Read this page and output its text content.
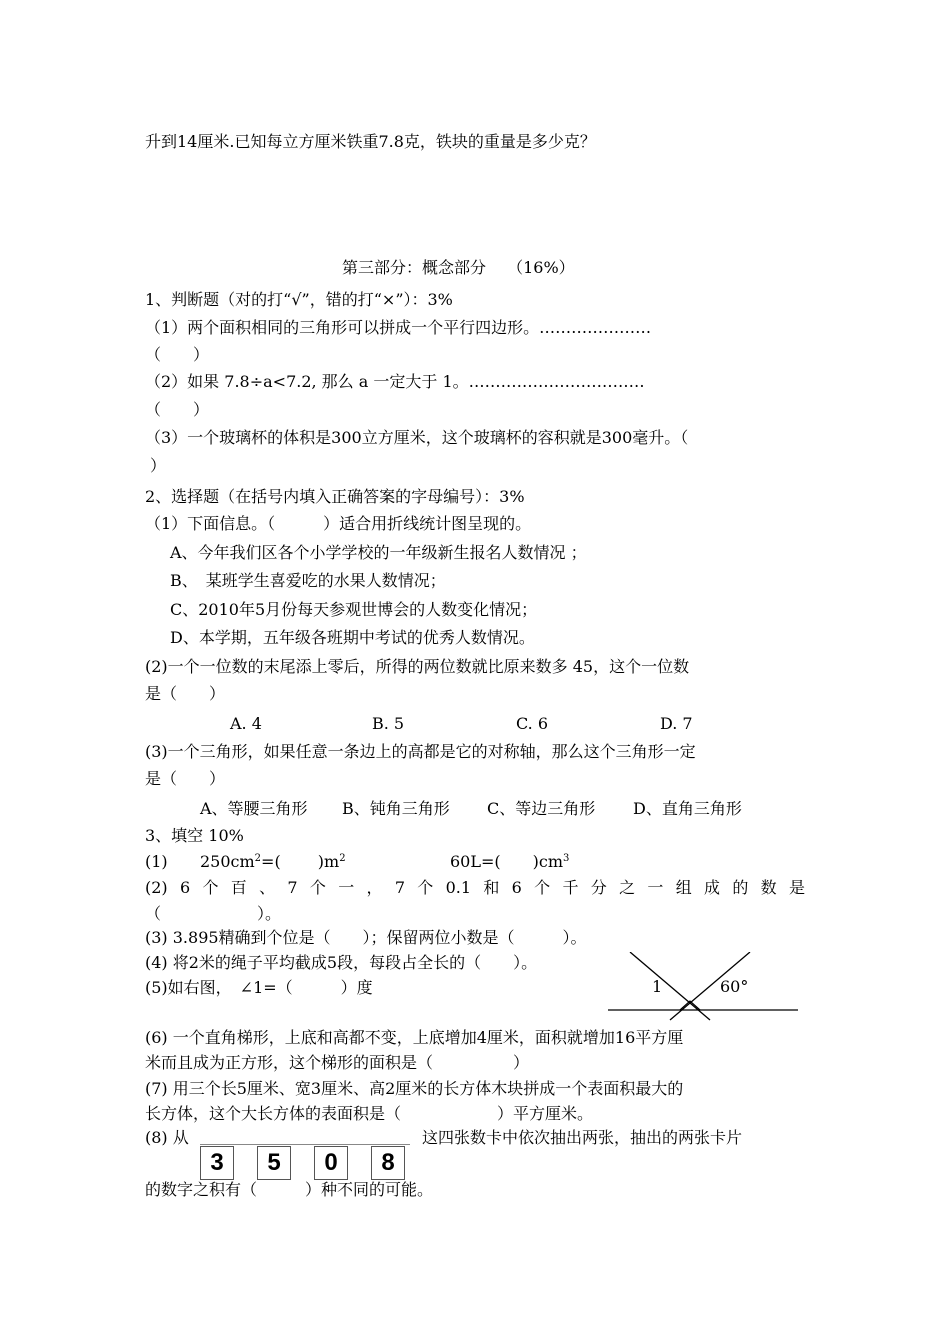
升到14厘米.已知每立方厘米铁重7.8克，铁块的重量是多少克？
第三部分：概念部分　 （16%）
1、判断题（对的打“√”，错的打“×”）：3%
（1）两个面积相同的三角形可以拼成一个平行四边形。…………………
（　　）
（2）如果 7.8÷a<7.2, 那么 a 一定大于 1。……………………………
（　　）
（3）一个玻璃杯的体积是300立方厘米，这个玻璃杯的容积就是300毫升。（
）
2、选择题（在括号内填入正确答案的字母编号）：3%
（1）下面信息。（　　　）适合用折线统计图呈现的。
A、今年我们区各个小学学校的一年级新生报名人数情况 ；
B、　某班学生喜爱吃的水果人数情况；
C、2010年5月份每天参观世博会的人数变化情况；
D、本学期，五年级各班期中考试的优秀人数情况。
(2)一个一位数的末尾添上零后，所得的两位数就比原来数多 45，这个一位数
是（　　）
A. 4	B. 5	C. 6	D. 7
(3)一个三角形，如果任意一条边上的高都是它的对称轴，那么这个三角形一定
是（　　）
A、等腰三角形 B、钝角三角形 C、等边三角形 D、直角三角形
3、填空 10%
(1) $250cm^2=$(　　 )$m^2$	60L=(　　)$cm^3$
(2) 6 个 百 、 7 个 一 ， 7 个 0.1 和 6 个 千 分 之 一 组 成 的 数 是
（　　　　　　）。
(3) 3.895精确到个位是（　　）；保留两位小数是（　　　）。
(4) 将2米的绳子平均截成5段，每段占全长的（　　）。
(5)如右图，　∠1=（　　　）度	1	60°
(6) 一个直角梯形，上底和高都不变，上底增加4厘米，面积就增加16平方厘
米而且成为正方形，这个梯形的面积是（　　　　　）
(7) 用三个长5厘米、宽3厘米、高2厘米的长方体木块拼成一个表面积最大的
长方体，这个大长方体的表面积是（　　　　　　）平方厘米。
(8) 从	这四张数卡中依次抽出两张，抽出的两张卡片
3	5	0	8
的数字之积有（　　　）种不同的可能。
